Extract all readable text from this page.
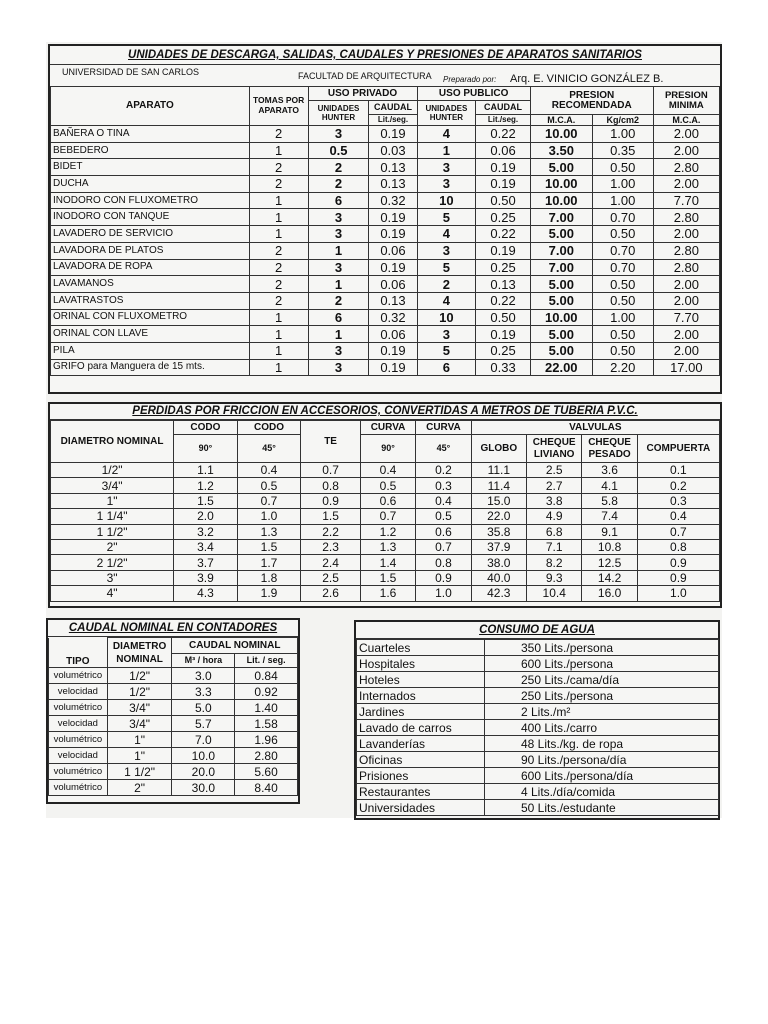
UNIDADES DE DESCARGA, SALIDAS, CAUDALES Y PRESIONES DE APARATOS SANITARIOS
UNIVERSIDAD DE SAN CARLOS	FACULTAD DE ARQUITECTURA Preparado por: Arq. E. VINICIO GONZÁLEZ B.
APARATO	TOMAS POR APARATO	USO PRIVADO		USO PUBLICO		PRESION RECOMENDADA		PRESION MINIMA
		UNIDADES HUNTER	CAUDAL	UNIDADES HUNTER	CAUDAL			
			Lit./seg.		Lit./seg.	M.C.A.	Kg/cm2	M.C.A.
BAÑERA O TINA	2	3	0.19	4	0.22	10.00	1.00	2.00
BEBEDERO	1	0.5	0.03	1	0.06	3.50	0.35	2.00
BIDET	2	2	0.13	3	0.19	5.00	0.50	2.80
DUCHA	2	2	0.13	3	0.19	10.00	1.00	2.00
INODORO CON FLUXOMETRO	1	6	0.32	10	0.50	10.00	1.00	7.70
INODORO CON TANQUE	1	3	0.19	5	0.25	7.00	0.70	2.80
LAVADERO DE SERVICIO	1	3	0.19	4	0.22	5.00	0.50	2.00
LAVADORA DE PLATOS	2	1	0.06	3	0.19	7.00	0.70	2.80
LAVADORA DE ROPA	2	3	0.19	5	0.25	7.00	0.70	2.80
LAVAMANOS	2	1	0.06	2	0.13	5.00	0.50	2.00
LAVATRASTOS	2	2	0.13	4	0.22	5.00	0.50	2.00
ORINAL CON FLUXOMETRO	1	6	0.32	10	0.50	10.00	1.00	7.70
ORINAL CON LLAVE	1	1	0.06	3	0.19	5.00	0.50	2.00
PILA	1	3	0.19	5	0.25	5.00	0.50	2.00
GRIFO para Manguera de 15 mts.	1	3	0.19	6	0.33	22.00	2.20	17.00
PERDIDAS POR FRICCION EN ACCESORIOS, CONVERTIDAS A METROS DE TUBERIA P.V.C.
DIAMETRO NOMINAL	CODO	CODO	TE	CURVA	CURVA	VALVULAS			
	90°	45°		90°	45°	GLOBO	CHEQUE LIVIANO	CHEQUE PESADO	COMPUERTA
1/2"	1.1	0.4	0.7	0.4	0.2	11.1	2.5	3.6	0.1
3/4"	1.2	0.5	0.8	0.5	0.3	11.4	2.7	4.1	0.2
1"	1.5	0.7	0.9	0.6	0.4	15.0	3.8	5.8	0.3
1 1/4"	2.0	1.0	1.5	0.7	0.5	22.0	4.9	7.4	0.4
1 1/2"	3.2	1.3	2.2	1.2	0.6	35.8	6.8	9.1	0.7
2"	3.4	1.5	2.3	1.3	0.7	37.9	7.1	10.8	0.8
2 1/2"	3.7	1.7	2.4	1.4	0.8	38.0	8.2	12.5	0.9
3"	3.9	1.8	2.5	1.5	0.9	40.0	9.3	14.2	0.9
4"	4.3	1.9	2.6	1.6	1.0	42.3	10.4	16.0	1.0
CAUDAL NOMINAL EN CONTADORES
TIPO	DIAMETRO NOMINAL	CAUDAL NOMINAL	
		M³ / hora	Lit. / seg.
volumétrico	1/2"	3.0	0.84
velocidad	1/2"	3.3	0.92
volumétrico	3/4"	5.0	1.40
velocidad	3/4"	5.7	1.58
volumétrico	1"	7.0	1.96
velocidad	1"	10.0	2.80
volumétrico	1 1/2"	20.0	5.60
volumétrico	2"	30.0	8.40
CONSUMO DE AGUA
Cuarteles	350 Lits./persona
Hospitales	600 Lits./persona
Hoteles	250 Lits./cama/día
Internados	250 Lits./persona
Jardines	2 Lits./m²
Lavado de carros	400 Lits./carro
Lavanderías	48 Lits./kg. de ropa
Oficinas	90 Lits./persona/día
Prisiones	600 Lits./persona/día
Restaurantes	4 Lits./día/comida
Universidades	50 Lits./estudante
